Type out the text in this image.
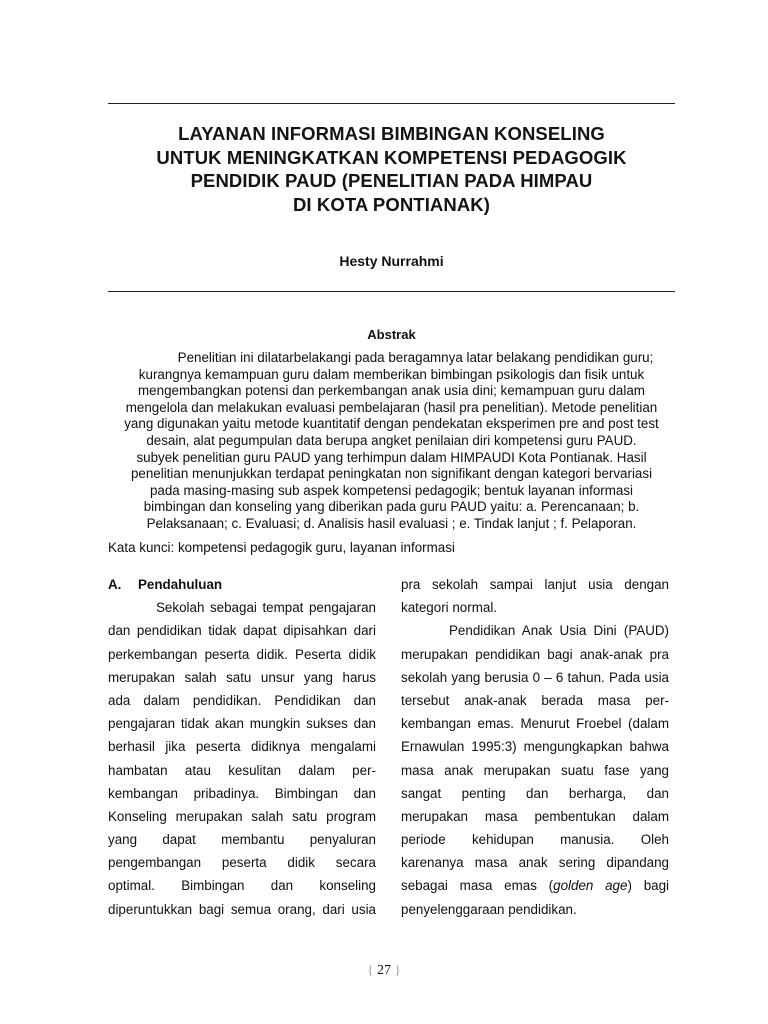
LAYANAN INFORMASI BIMBINGAN KONSELING
UNTUK MENINGKATKAN KOMPETENSI PEDAGOGIK
PENDIDIK PAUD (PENELITIAN PADA HIMPAU
DI KOTA PONTIANAK)
Hesty Nurrahmi
Abstrak
Penelitian ini dilatarbelakangi pada beragamnya latar belakang pendidikan guru;
kurangnya kemampuan guru dalam memberikan bimbingan psikologis dan fisik untuk
mengembangkan potensi dan perkembangan anak usia dini; kemampuan guru dalam
mengelola dan melakukan evaluasi pembelajaran (hasil pra penelitian). Metode penelitian
yang digunakan yaitu metode kuantitatif dengan pendekatan eksperimen pre and post test
desain, alat pegumpulan data berupa angket penilaian diri kompetensi guru PAUD.
subyek penelitian guru PAUD yang terhimpun dalam HIMPAUDI Kota Pontianak. Hasil
penelitian menunjukkan terdapat peningkatan non signifikant dengan kategori bervariasi
pada masing-masing sub aspek kompetensi pedagogik; bentuk layanan informasi
bimbingan dan konseling yang diberikan pada guru PAUD yaitu: a. Perencanaan; b.
Pelaksanaan; c. Evaluasi; d. Analisis hasil evaluasi ; e. Tindak lanjut ; f. Pelaporan.
Kata kunci: kompetensi pedagogik guru, layanan informasi
A. Pendahuluan
Sekolah sebagai tempat pengajaran
dan pendidikan tidak dapat dipisahkan dari
perkembangan peserta didik. Peserta didik
merupakan salah satu unsur yang harus
ada dalam pendidikan. Pendidikan dan
pengajaran tidak akan mungkin sukses dan
berhasil jika peserta didiknya mengalami
hambatan atau kesulitan dalam per-
kembangan pribadinya. Bimbingan dan
Konseling merupakan salah satu program
yang dapat membantu penyaluran
pengembangan peserta didik secara
optimal. Bimbingan dan konseling
diperuntukkan bagi semua orang, dari usia
pra sekolah sampai lanjut usia dengan
kategori normal.
Pendidikan Anak Usia Dini (PAUD)
merupakan pendidikan bagi anak-anak pra
sekolah yang berusia 0 – 6 tahun. Pada usia
tersebut anak-anak berada masa per-
kembangan emas. Menurut Froebel (dalam
Ernawulan 1995:3) mengungkapkan bahwa
masa anak merupakan suatu fase yang
sangat penting dan berharga, dan
merupakan masa pembentukan dalam
periode kehidupan manusia. Oleh
karenanya masa anak sering dipandang
sebagai masa emas (golden age) bagi
penyelenggaraan pendidikan.
{ 27 }
